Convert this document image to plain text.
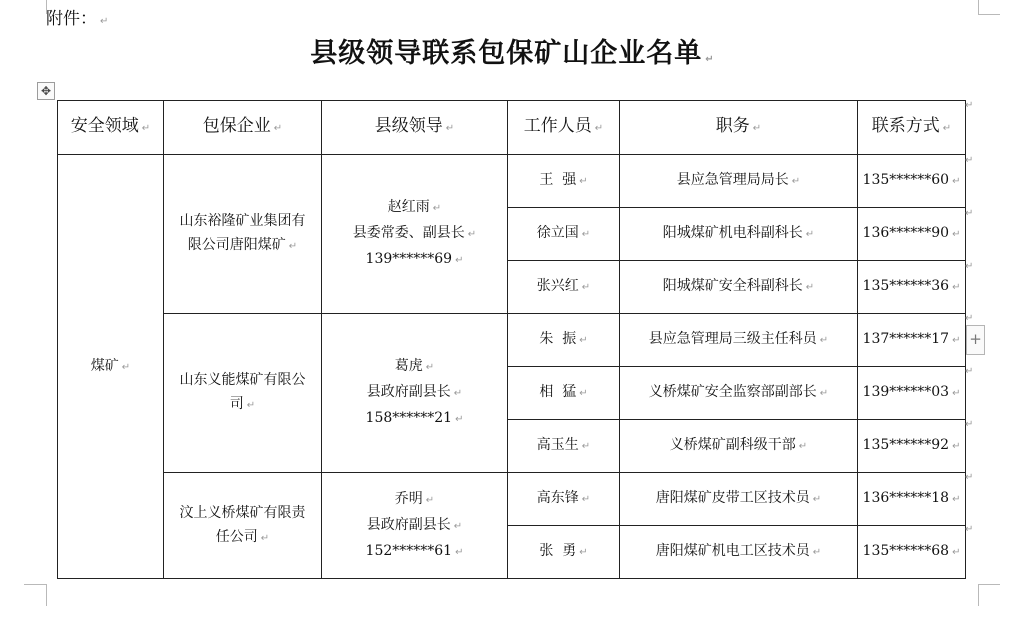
附件： ↵
县级领导联系包保矿山企业名单 ↵
✥
+
安全领域 ↵	包保企业 ↵	县级领导 ↵	工作人员 ↵	职务 ↵	联系方式 ↵
煤矿 ↵	山东裕隆矿业集团有限公司唐阳煤矿 ↵	赵红雨 ↵
县委常委、副县长 ↵
139******69 ↵	王  强 ↵	县应急管理局局长 ↵	135******60 ↵
			徐立国 ↵	阳城煤矿机电科副科长 ↵	136******90 ↵
			张兴红 ↵	阳城煤矿安全科副科长 ↵	135******36 ↵

	山东义能煤矿有限公司 ↵	葛虎 ↵
县政府副县长 ↵
158******21 ↵	朱  振 ↵	县应急管理局三级主任科员 ↵	137******17 ↵
			相  猛 ↵	义桥煤矿安全监察部副部长 ↵	139******03 ↵
			高玉生 ↵	义桥煤矿副科级干部 ↵	135******92 ↵

	汶上义桥煤矿有限责任公司 ↵	乔明 ↵
县政府副县长 ↵
152******61 ↵	高东锋 ↵	唐阳煤矿皮带工区技术员 ↵	136******18 ↵
			张  勇 ↵	唐阳煤矿机电工区技术员 ↵	135******68 ↵
↵
↵
↵
↵
↵
↵
↵
↵
↵
